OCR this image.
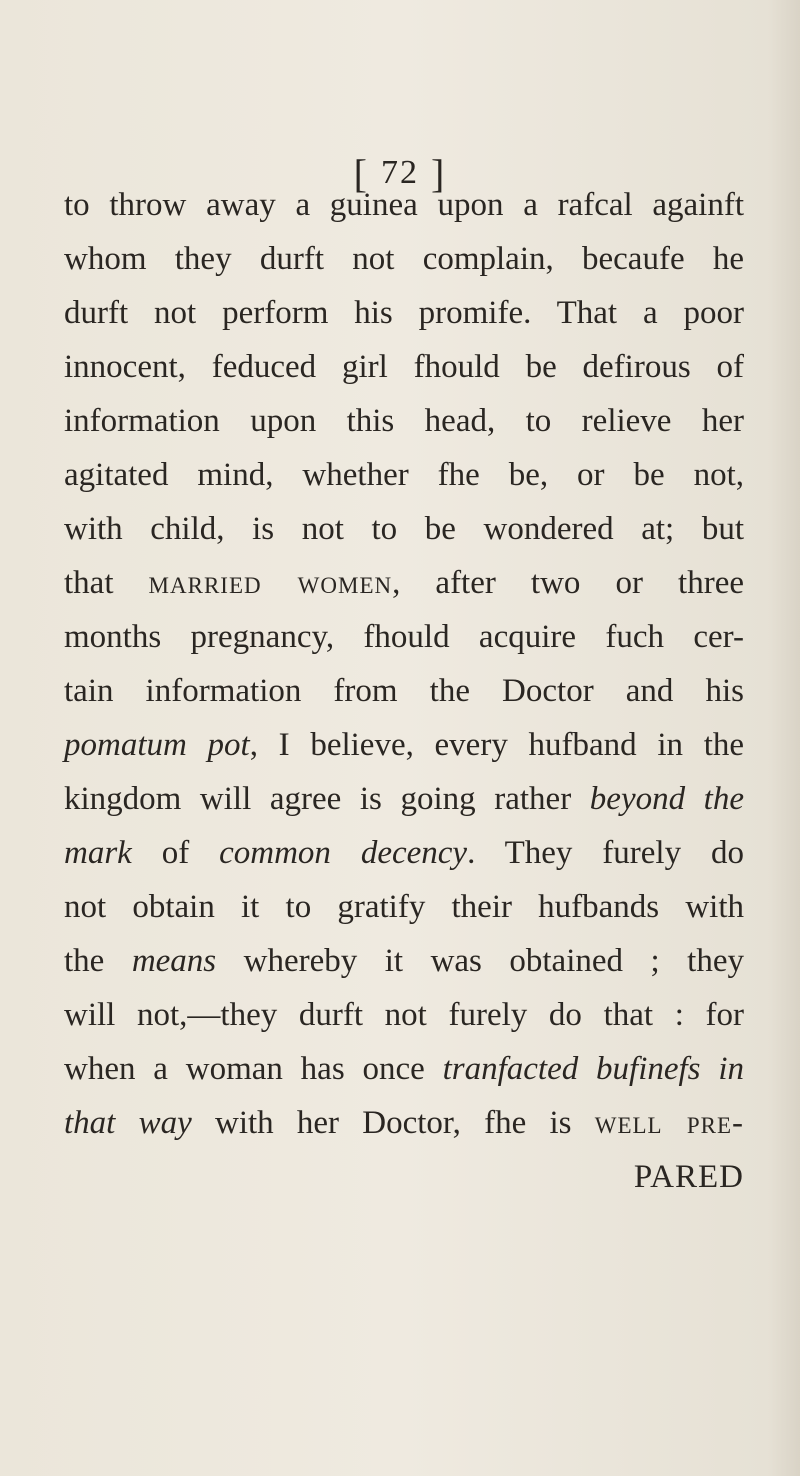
[ 72 ]
to throw away a guinea upon a rafcal againft
whom they durft not complain, becaufe he
durft not perform his promife. That a poor
innocent, feduced girl fhould be defirous of
information upon this head, to relieve her
agitated mind, whether fhe be, or be not,
with child, is not to be wondered at; but
that married women, after two or three
months pregnancy, fhould acquire fuch cer-
tain information from the Doctor and his
pomatum pot, I believe, every hufband in the
kingdom will agree is going rather beyond the
mark of common decency. They furely do
not obtain it to gratify their hufbands with
the means whereby it was obtained ; they
will not,—they durft not furely do that : for
when a woman has once tranfacted bufinefs in
that way with her Doctor, fhe is well pre-
PARED
